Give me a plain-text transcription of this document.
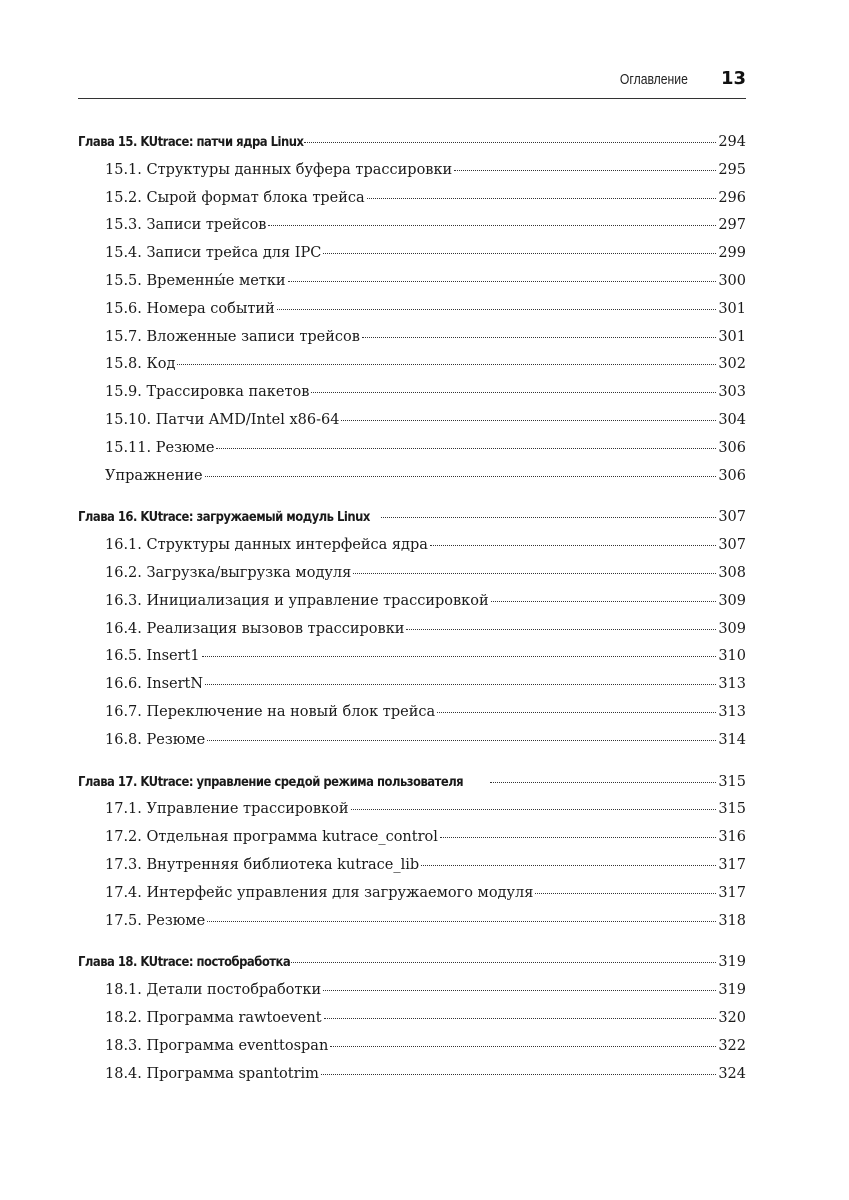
Оглавление 13
Глава 15. KUtrace: патчи ядра Linux	294
15.1. Структуры данных буфера трассировки	295
15.2. Сырой формат блока трейса	296
15.3. Записи трейсов	297
15.4. Записи трейса для IPC	299
15.5. Временны́е метки	300
15.6. Номера событий	301
15.7. Вложенные записи трейсов	301
15.8. Код	302
15.9. Трассировка пакетов	303
15.10. Патчи AMD/Intel x86-64	304
15.11. Резюме	306
Упражнение	306
Глава 16. KUtrace: загружаемый модуль Linux	307
16.1. Структуры данных интерфейса ядра	307
16.2. Загрузка/выгрузка модуля	308
16.3. Инициализация и управление трассировкой	309
16.4. Реализация вызовов трассировки	309
16.5. Insert1	310
16.6. InsertN	313
16.7. Переключение на новый блок трейса	313
16.8. Резюме	314
Глава 17. KUtrace: управление средой режима пользователя	315
17.1. Управление трассировкой	315
17.2. Отдельная программа kutrace_control	316
17.3. Внутренняя библиотека kutrace_lib	317
17.4. Интерфейс управления для загружаемого модуля	317
17.5. Резюме	318
Глава 18. KUtrace: постобработка	319
18.1. Детали постобработки	319
18.2. Программа rawtoevent	320
18.3. Программа eventtospan	322
18.4. Программа spantotrim	324
